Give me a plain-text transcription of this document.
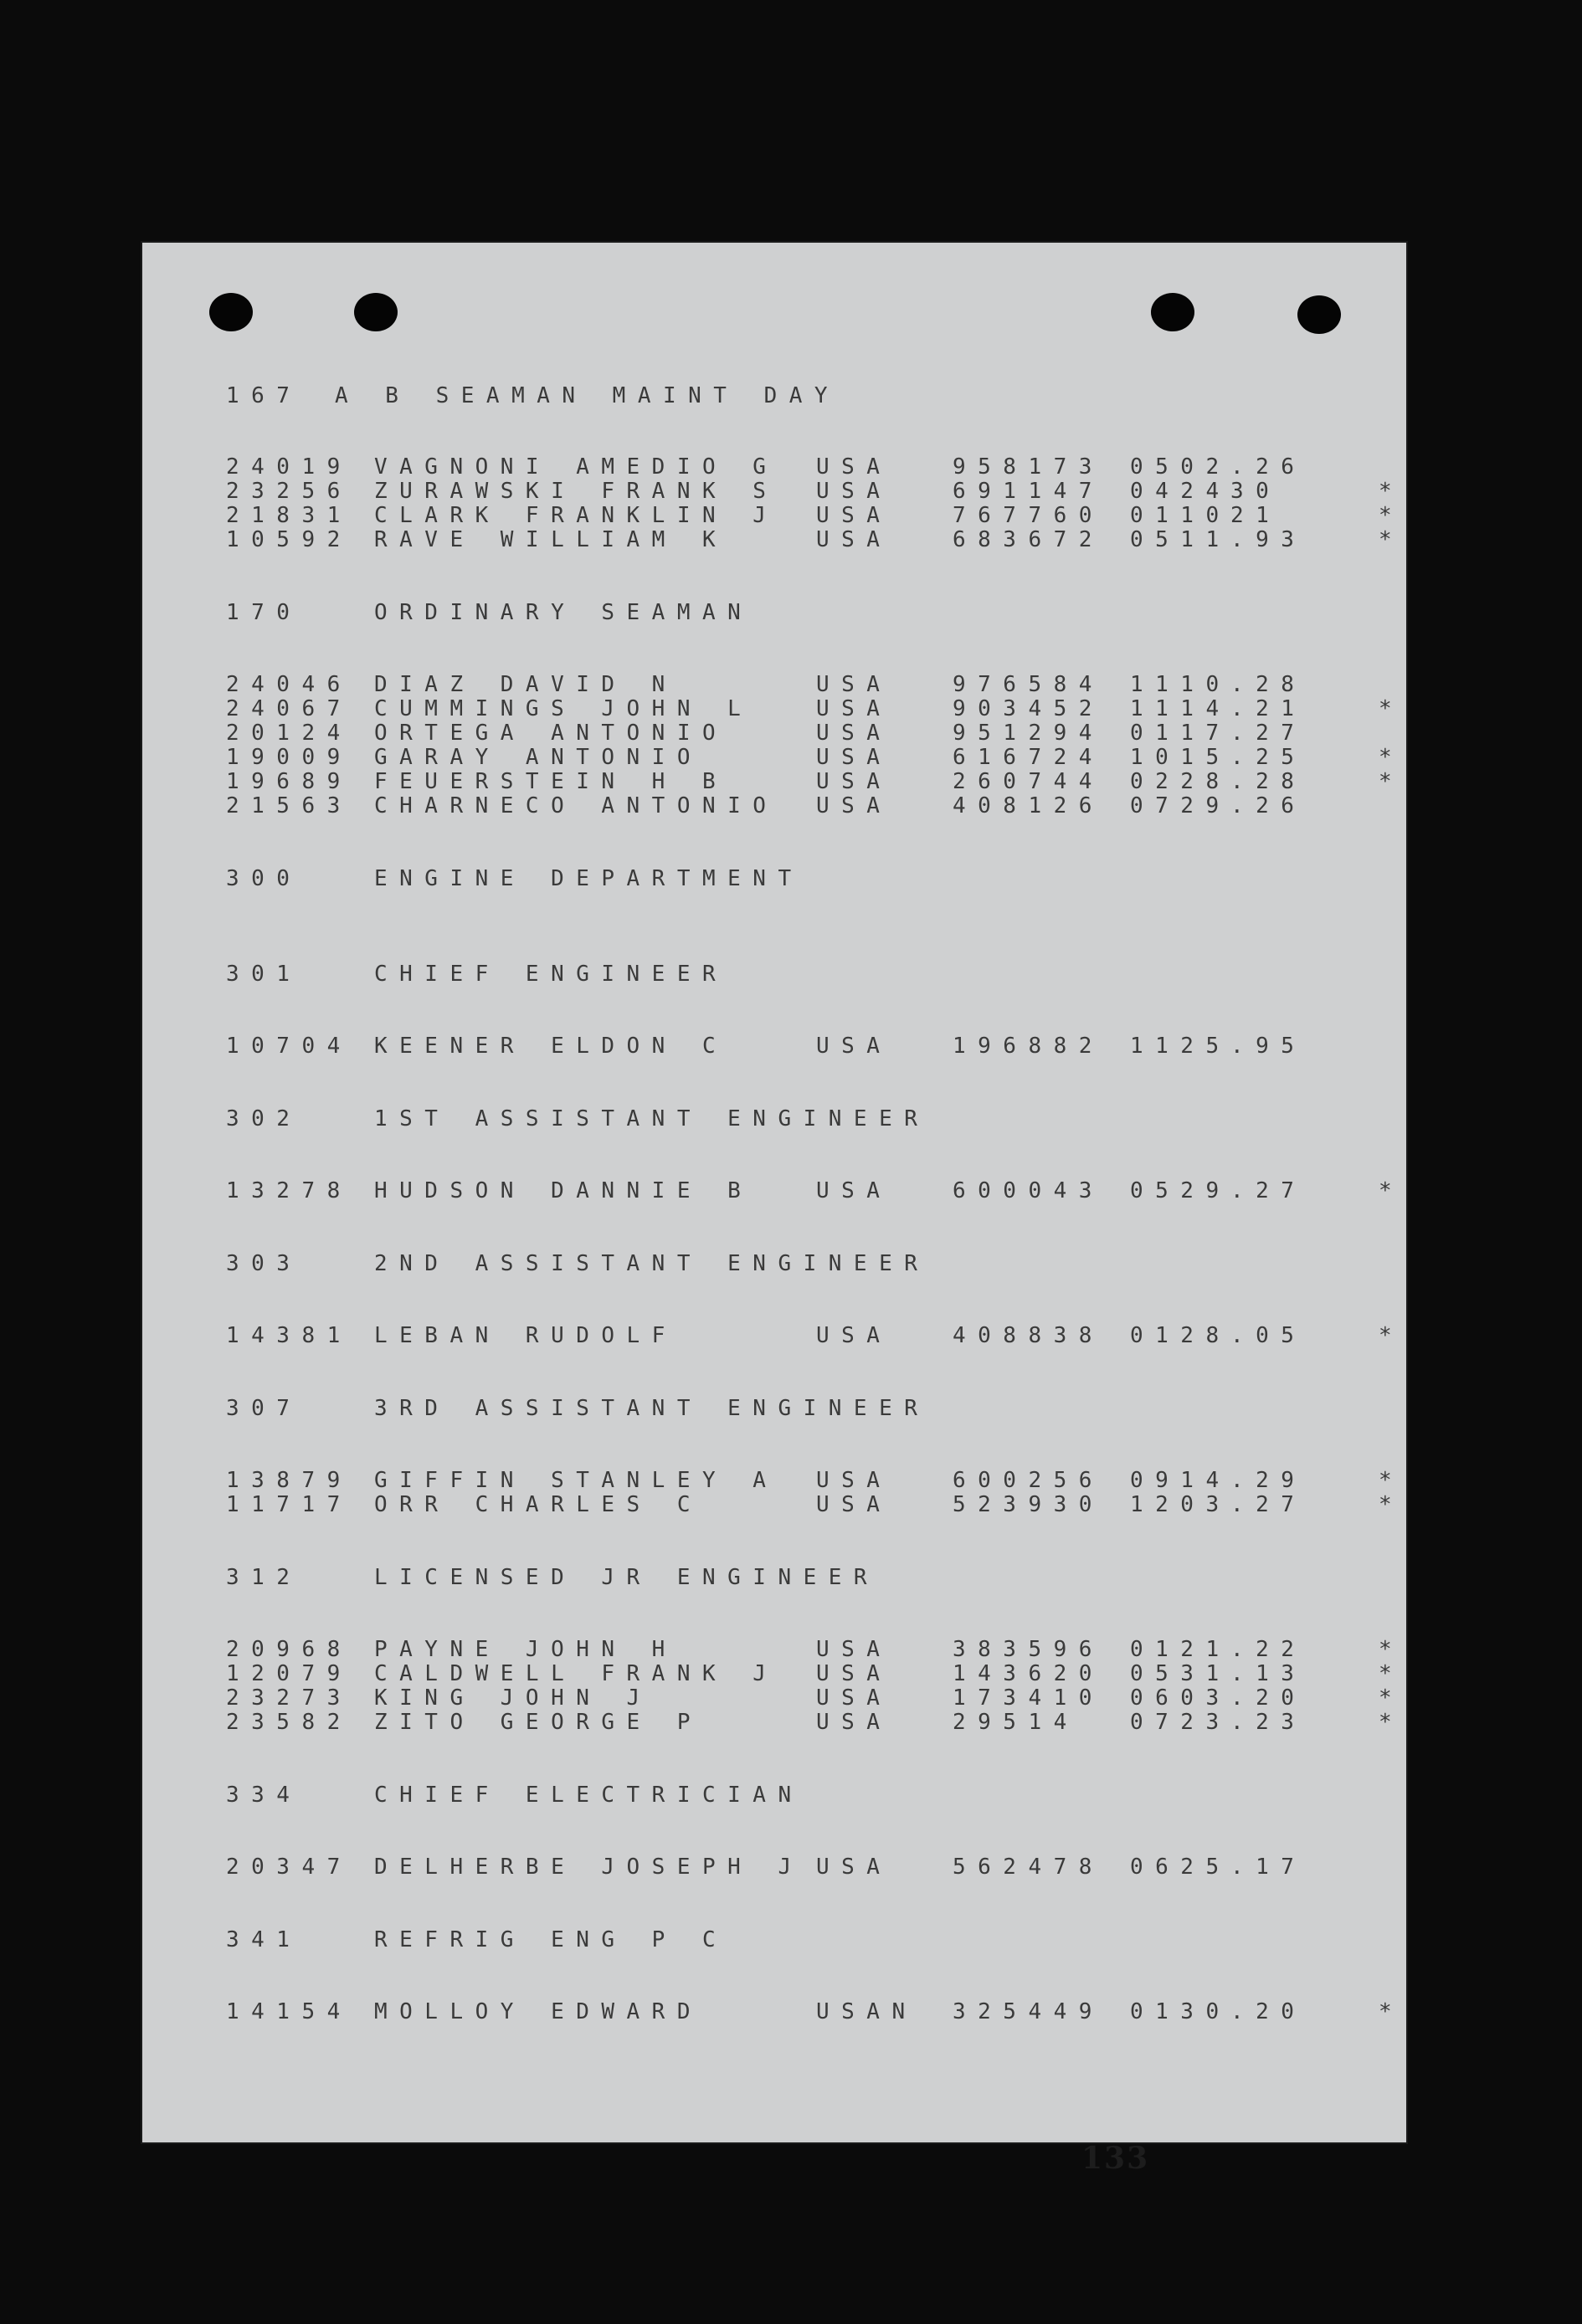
167

A B SEAMAN MAINT DAY

24019 VAGNONI AMEDIO G USA	958173 0502 .26
23256 ZURAWSKI FRANK S USA	691147 0424 30	*
21831 CLARK FRANKLIN J USA	767760 0110 21	*
10592 RAVE WILLIAM K	USA	683672 0511 .93	*
170	ORDINARY SEAMAN
24046 DIAZ DAVID N	USA	976584 1110 .28
24067 CUMMINGS JOHN L	USA	903452 1114 .21	*
20124 ORTEGA ANTONIO	USA	951294 0117 .27
19009 GARAY ANTONIO	USA	616724 1015 .25	*
19689 FEUERSTEIN H B	USA	260744 0228 .28	*
21563 CHARNECO ANTONIO USA	408126 0729 .26
300	ENGINE DEPARTMENT
301	CHIEF ENGINEER
10704 KEENER ELDON C	USA	196882 1125 .95
302	1ST ASSISTANT ENGINEER
13278 HUDSON DANNIE B	USA	600043 0529 .27	*
303	2ND ASSISTANT ENGINEER
14381 LEBAN RUDOLF	USA	408838 0128 .05	*
307	3RD ASSISTANT ENGINEER
13879 GIFFIN STANLEY A USA	600256 0914 .29	*
11717 ORR CHARLES C	USA	523930 1203 .27	*
312	LICENSED JR ENGINEER
20968 PAYNE JOHN H	USA	383596 0121 .22	*
12079 CALDWELL FRANK J USA	143620 0531 .13	*
23273 KING JOHN J	USA	173410 0603 .20	*
23582 ZITO GEORGE P	USA	29514 0723 .23	*
334	CHIEF ELECTRICIAN
20347 DELHERBE JOSEPH J USA	562478 0625 .17
341	REFRIG ENG P C
14154 MOLLOY EDWARD	USAN 325449 0130 .20	*
133
